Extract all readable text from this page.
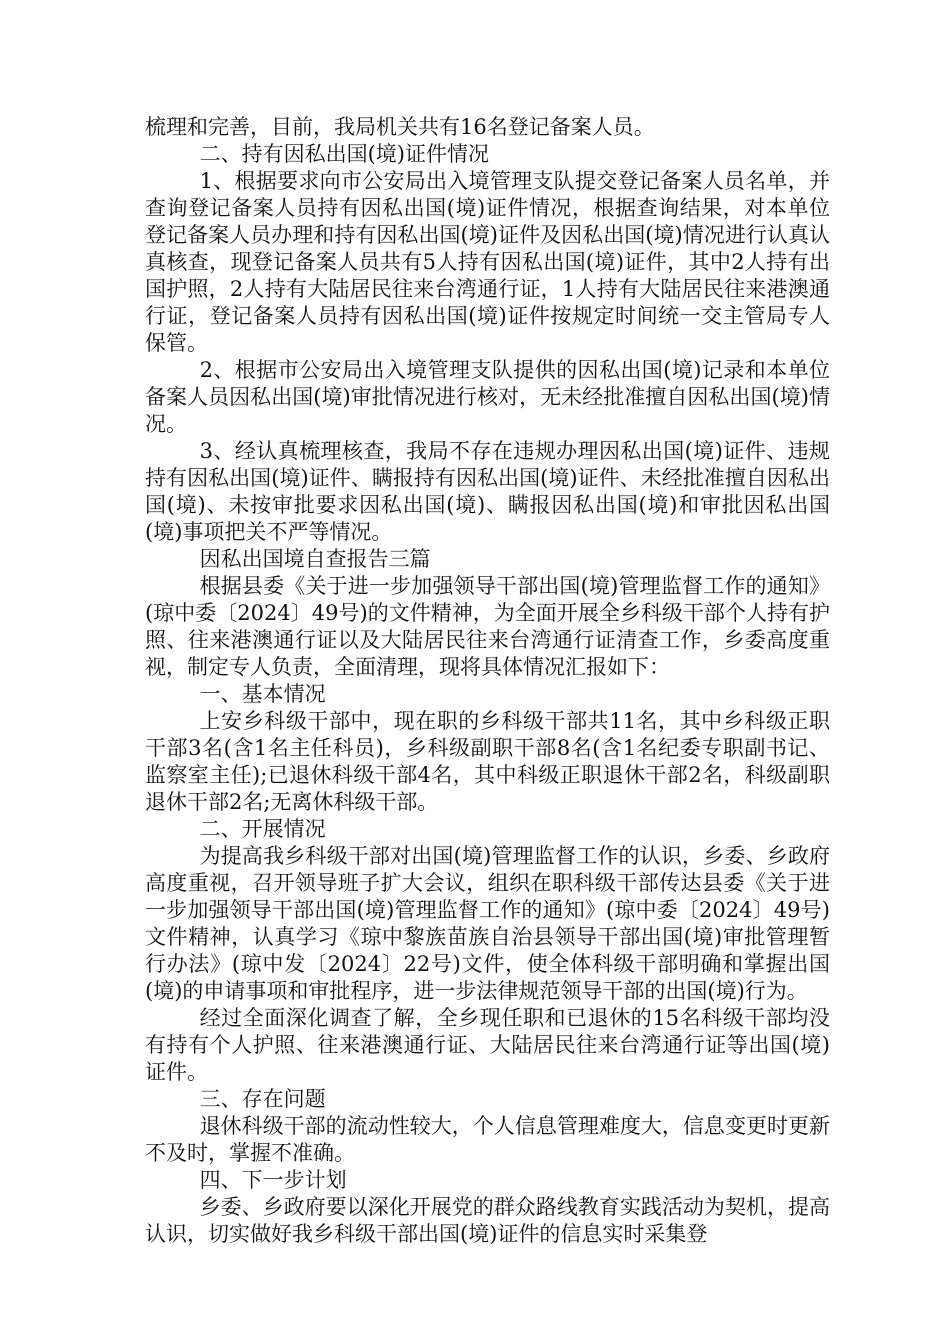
梳理和完善，目前，我局机关共有16名登记备案人员。

二、持有因私出国(境)证件情况

1、根据要求向市公安局出入境管理支队提交登记备案人员名单，并查询登记备案人员持有因私出国(境)证件情况，根据查询结果，对本单位登记备案人员办理和持有因私出国(境)证件及因私出国(境)情况进行认真认真核查，现登记备案人员共有5人持有因私出国(境)证件，其中2人持有出国护照，2人持有大陆居民往来台湾通行证，1人持有大陆居民往来港澳通行证，登记备案人员持有因私出国(境)证件按规定时间统一交主管局专人保管。

2、根据市公安局出入境管理支队提供的因私出国(境)记录和本单位备案人员因私出国(境)审批情况进行核对，无未经批准擅自因私出国(境)情况。

3、经认真梳理核查，我局不存在违规办理因私出国(境)证件、违规持有因私出国(境)证件、瞒报持有因私出国(境)证件、未经批准擅自因私出国(境)、未按审批要求因私出国(境)、瞒报因私出国(境)和审批因私出国(境)事项把关不严等情况。

因私出国境自查报告三篇

根据县委《关于进一步加强领导干部出国(境)管理监督工作的通知》(琼中委〔2024〕49号)的文件精神，为全面开展全乡科级干部个人持有护照、往来港澳通行证以及大陆居民往来台湾通行证清查工作，乡委高度重视，制定专人负责，全面清理，现将具体情况汇报如下：

一、基本情况

上安乡科级干部中，现在职的乡科级干部共11名，其中乡科级正职干部3名(含1名主任科员)，乡科级副职干部8名(含1名纪委专职副书记、监察室主任);已退休科级干部4名，其中科级正职退休干部2名，科级副职退休干部2名;无离休科级干部。

二、开展情况

为提高我乡科级干部对出国(境)管理监督工作的认识，乡委、乡政府高度重视，召开领导班子扩大会议，组织在职科级干部传达县委《关于进一步加强领导干部出国(境)管理监督工作的通知》(琼中委〔2024〕49号)文件精神，认真学习《琼中黎族苗族自治县领导干部出国(境)审批管理暂行办法》(琼中发〔2024〕22号)文件，使全体科级干部明确和掌握出国(境)的申请事项和审批程序，进一步法律规范领导干部的出国(境)行为。

经过全面深化调查了解，全乡现任职和已退休的15名科级干部均没有持有个人护照、往来港澳通行证、大陆居民往来台湾通行证等出国(境)证件。

三、存在问题

退休科级干部的流动性较大，个人信息管理难度大，信息变更时更新不及时，掌握不准确。

四、下一步计划

乡委、乡政府要以深化开展党的群众路线教育实践活动为契机，提高认识，切实做好我乡科级干部出国(境)证件的信息实时采集登
